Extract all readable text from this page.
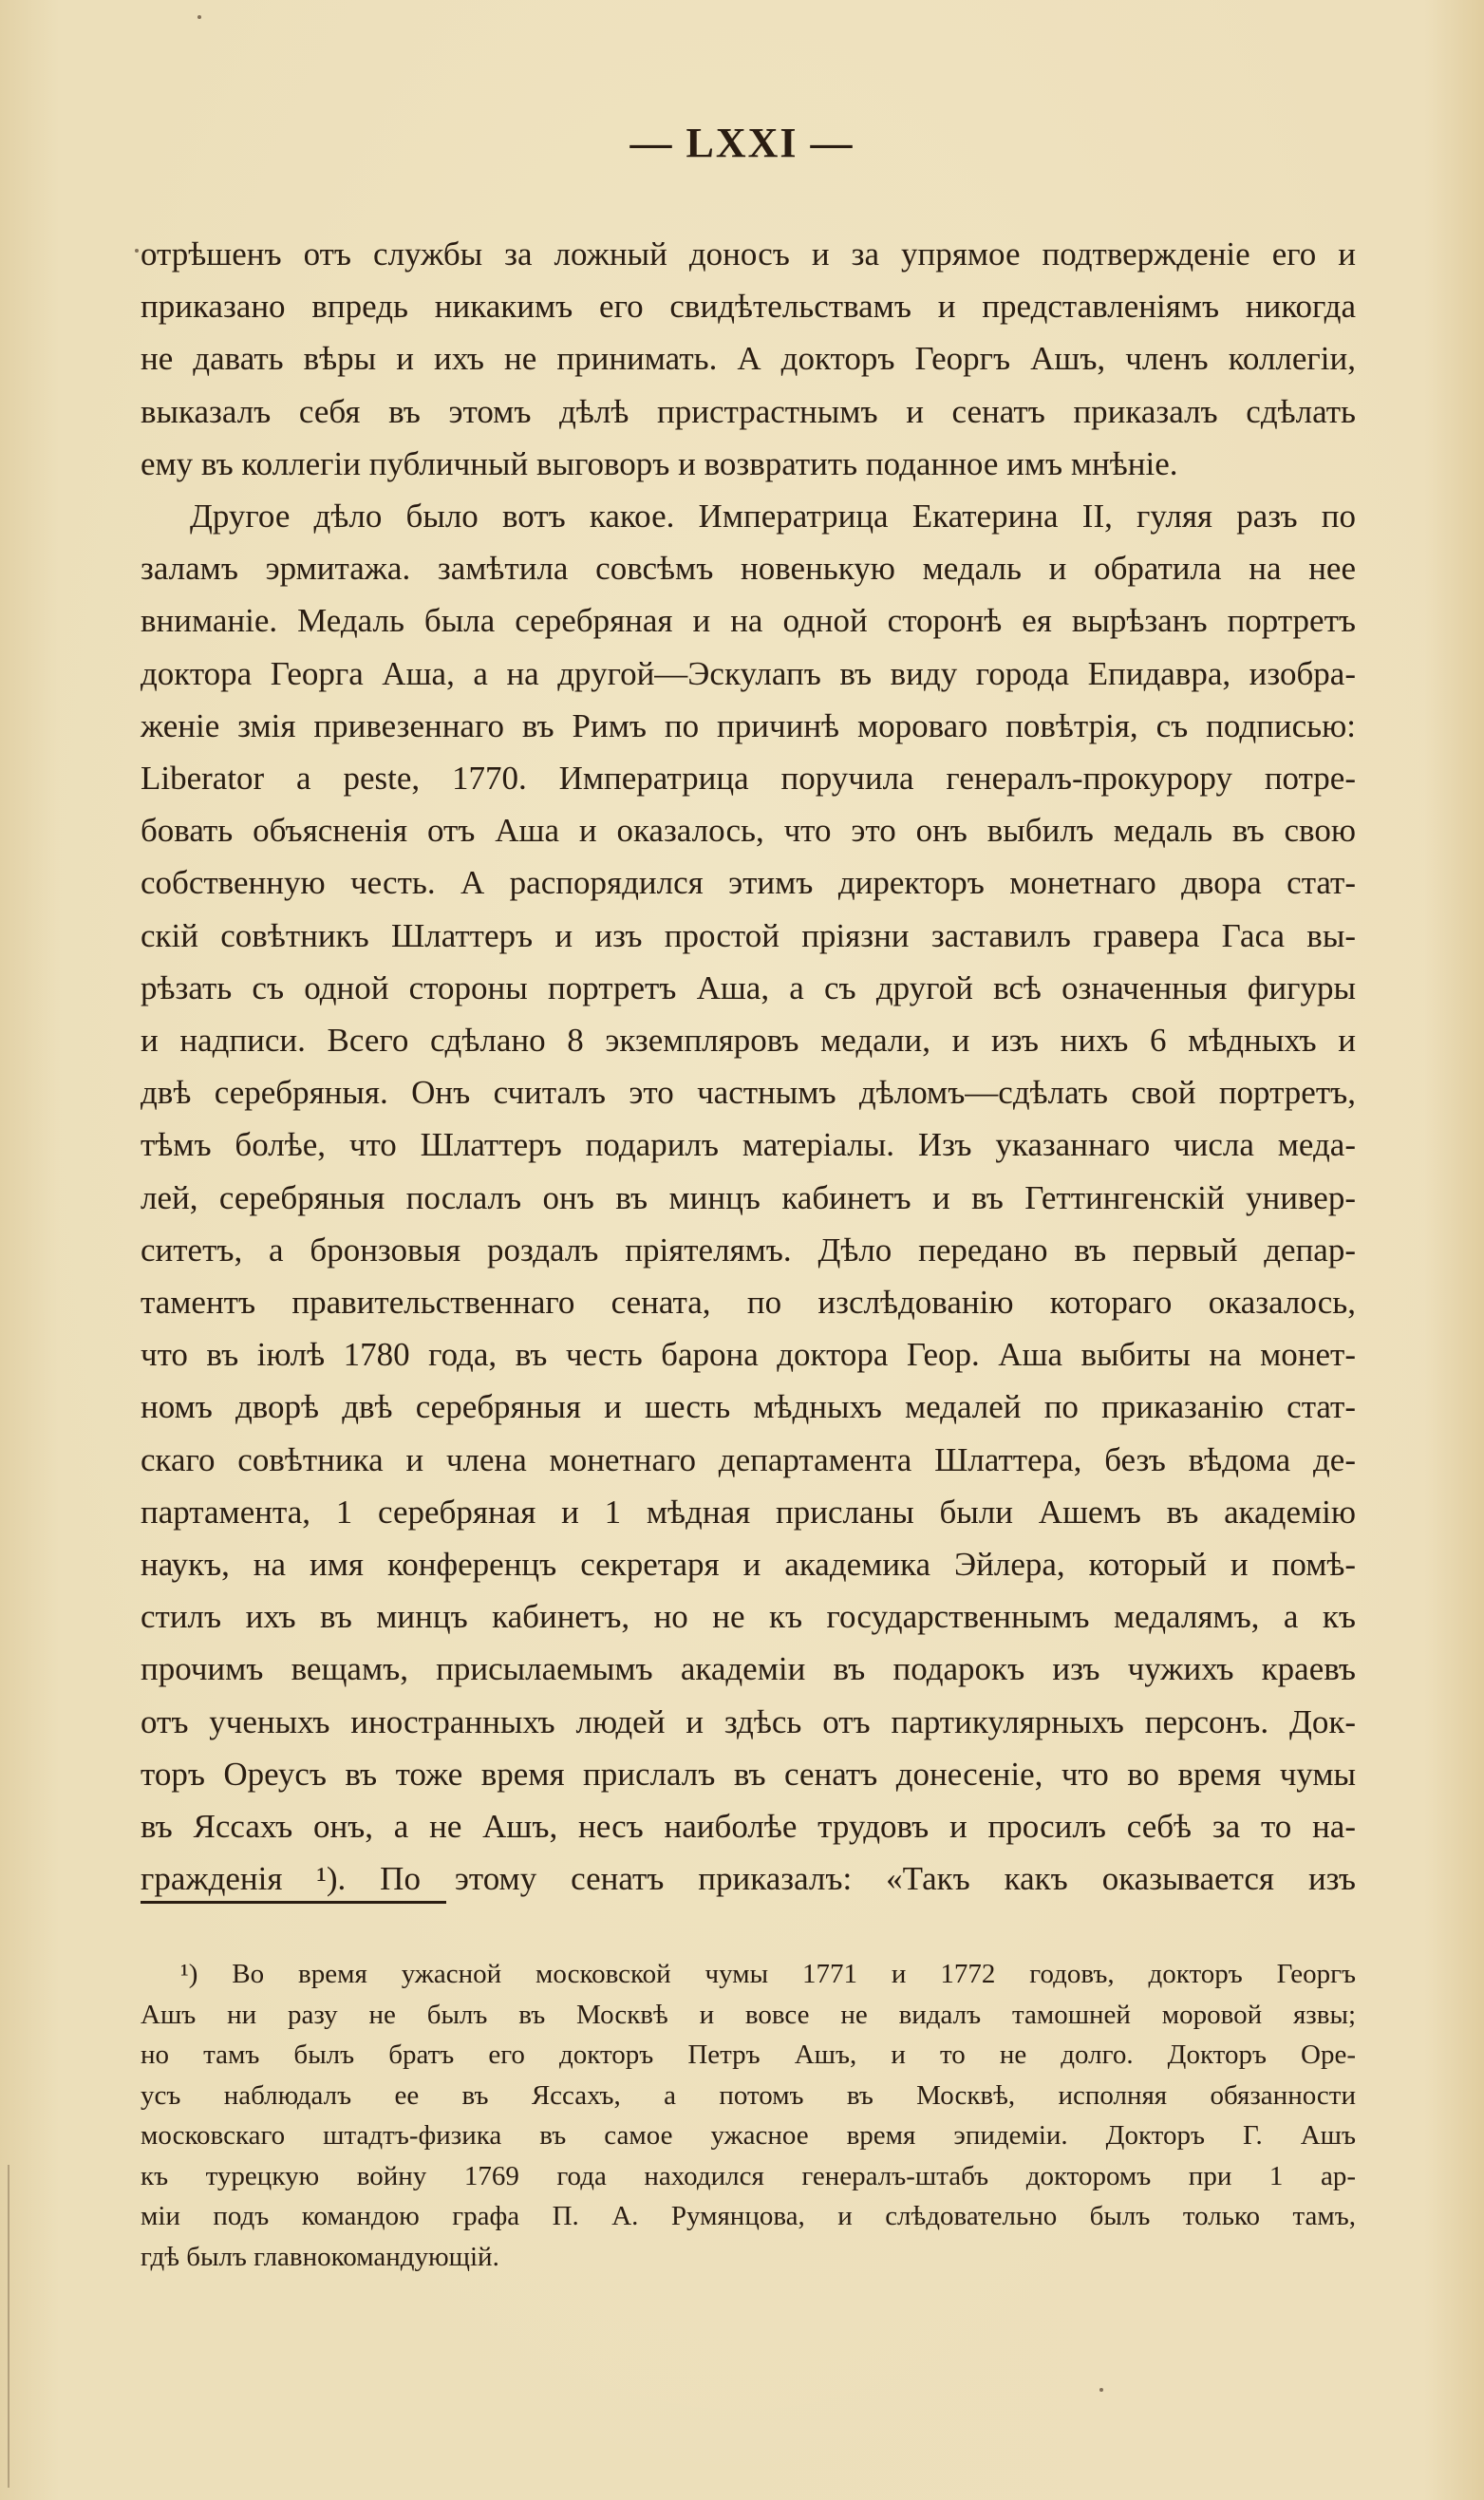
— LXXI —
отрѣшенъ отъ службы за ложный доносъ и за упрямое подтвержденіе его и
приказано впредь никакимъ его свидѣтельствамъ и представленіямъ никогда
не давать вѣры и ихъ не принимать. А докторъ Георгъ Ашъ, членъ коллегіи,
выказалъ себя въ этомъ дѣлѣ пристрастнымъ и сенатъ приказалъ сдѣлать
ему въ коллегіи публичный выговоръ и возвратить поданное имъ мнѣніе.
Другое дѣло было вотъ какое. Императрица Екатерина II, гуляя разъ по
заламъ эрмитажа. замѣтила совсѣмъ новенькую медаль и обратила на нее
вниманіе. Медаль была серебряная и на одной сторонѣ ея вырѣзанъ портретъ
доктора Георга Аша, а на другой—Эскулапъ въ виду города Епидавра, изобра-
женіе змія привезеннаго въ Римъ по причинѣ мороваго повѣтрія, съ подписью:
Liberator a peste, 1770. Императрица поручила генералъ-прокурору потре-
бовать объясненія отъ Аша и оказалось, что это онъ выбилъ медаль въ свою
собственную честь. А распорядился этимъ директоръ монетнаго двора стат-
скій совѣтникъ Шлаттеръ и изъ простой пріязни заставилъ гравера Гаса вы-
рѣзать съ одной стороны портретъ Аша, а съ другой всѣ означенныя фигуры
и надписи. Всего сдѣлано 8 экземпляровъ медали, и изъ нихъ 6 мѣдныхъ и
двѣ серебряныя. Онъ считалъ это частнымъ дѣломъ—сдѣлать свой портретъ,
тѣмъ болѣе, что Шлаттеръ подарилъ матеріалы. Изъ указаннаго числа меда-
лей, серебряныя послалъ онъ въ минцъ кабинетъ и въ Геттингенскій универ-
ситетъ, а бронзовыя роздалъ пріятелямъ. Дѣло передано въ первый депар-
таментъ правительственнаго сената, по изслѣдованію котораго оказалось,
что въ іюлѣ 1780 года, въ честь барона доктора Геор. Аша выбиты на монет-
номъ дворѣ двѣ серебряныя и шесть мѣдныхъ медалей по приказанію стат-
скаго совѣтника и члена монетнаго департамента Шлаттера, безъ вѣдома де-
партамента, 1 серебряная и 1 мѣдная присланы были Ашемъ въ академію
наукъ, на имя конференцъ секретаря и академика Эйлера, который и помѣ-
стилъ ихъ въ минцъ кабинетъ, но не къ государственнымъ медалямъ, а къ
прочимъ вещамъ, присылаемымъ академіи въ подарокъ изъ чужихъ краевъ
отъ ученыхъ иностранныхъ людей и здѣсь отъ партикулярныхъ персонъ. Док-
торъ Ореусъ въ тоже время прислалъ въ сенатъ донесеніе, что во время чумы
въ Яссахъ онъ, а не Ашъ, несъ наиболѣе трудовъ и просилъ себѣ за то на-
гражденія ¹). По этому сенатъ приказалъ: «Такъ какъ оказывается изъ
¹) Во время ужасной московской чумы 1771 и 1772 годовъ, докторъ Георгъ
Ашъ ни разу не былъ въ Москвѣ и вовсе не видалъ тамошней моровой язвы;
но тамъ былъ братъ его докторъ Петръ Ашъ, и то не долго. Докторъ Оре-
усъ наблюдалъ ее въ Яссахъ, а потомъ въ Москвѣ, исполняя обязанности
московскаго штадтъ-физика въ самое ужасное время эпидеміи. Докторъ Г. Ашъ
къ турецкую войну 1769 года находился генералъ-штабъ докторомъ при 1 ар-
міи подъ командою графа П. А. Румянцова, и слѣдовательно былъ только тамъ,
гдѣ былъ главнокомандующій.
